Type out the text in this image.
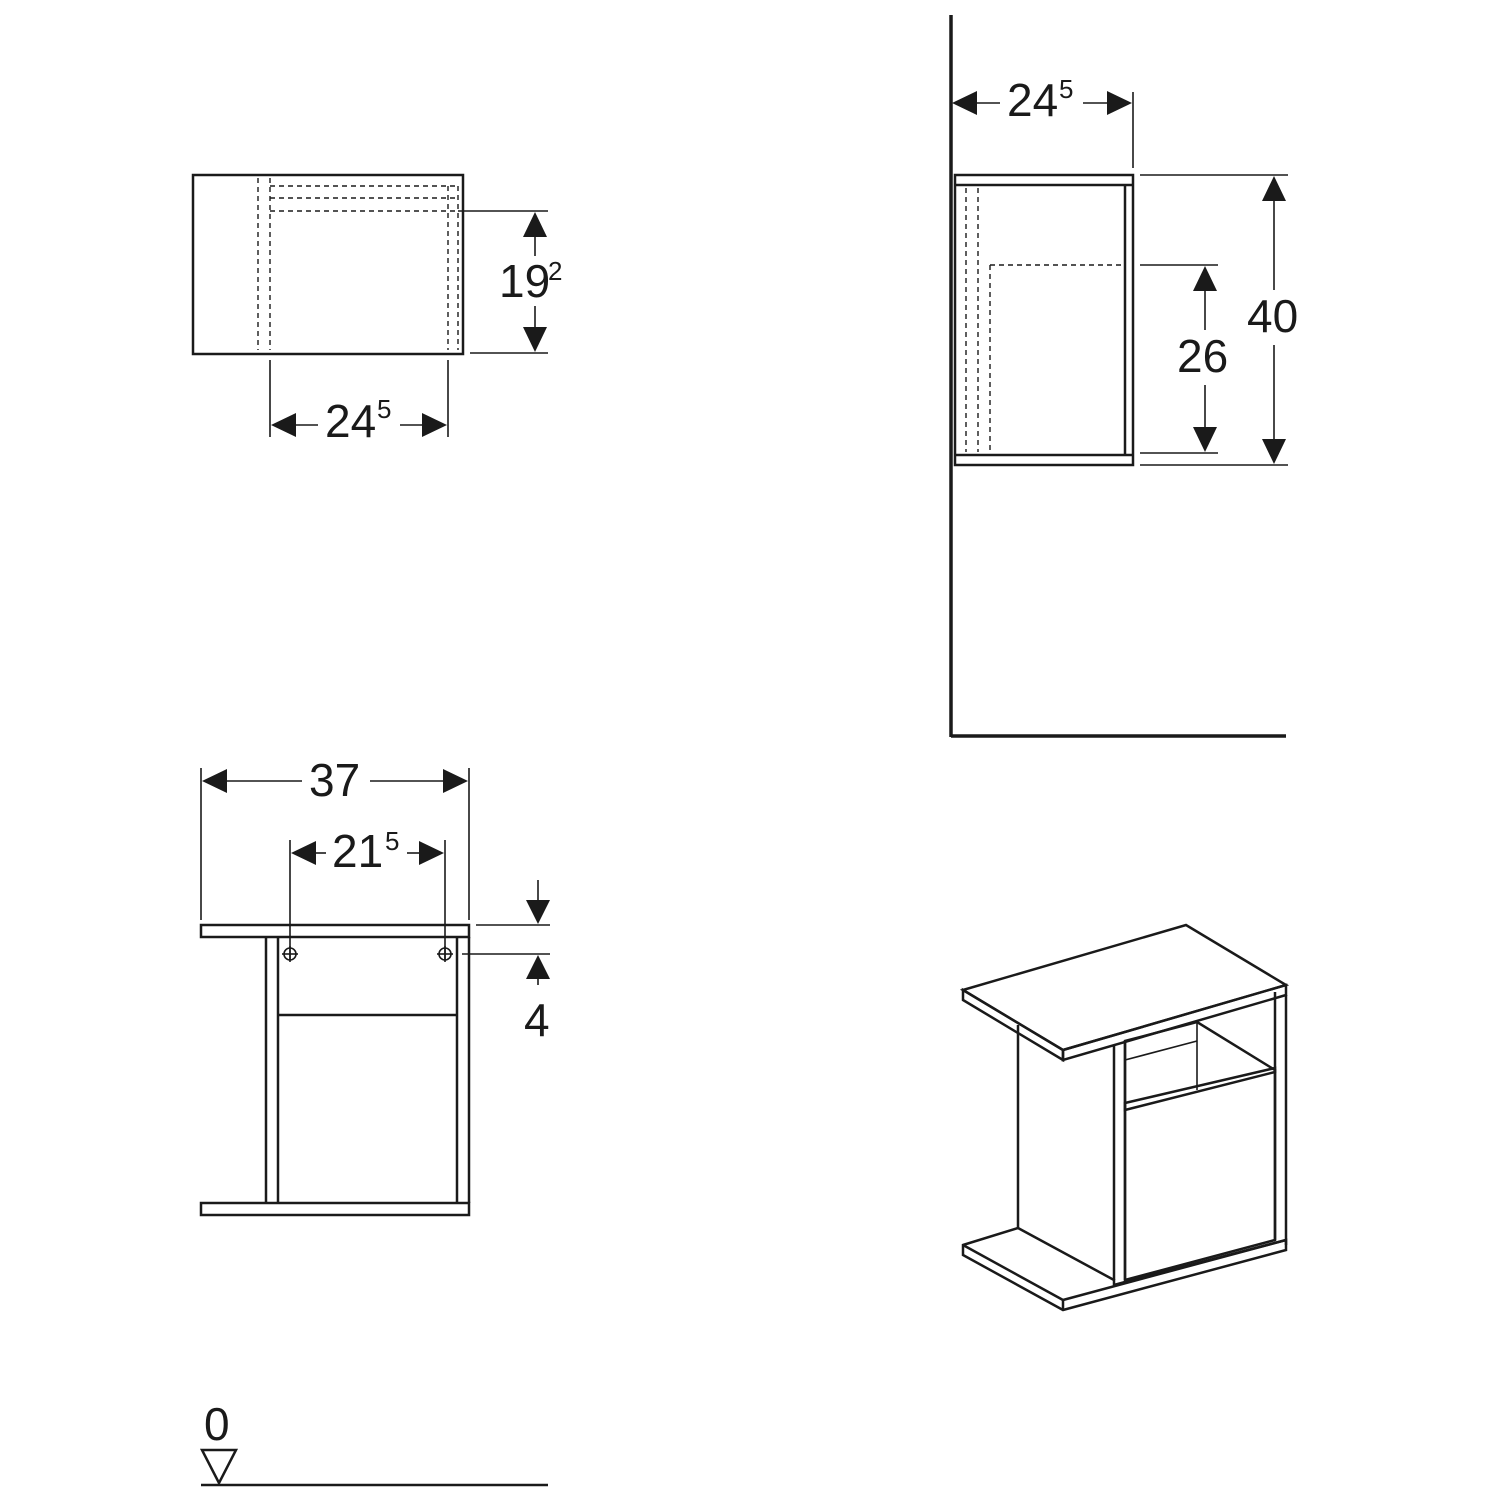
19
2
24 5
24 5
26
40
37
21 5
4
0
